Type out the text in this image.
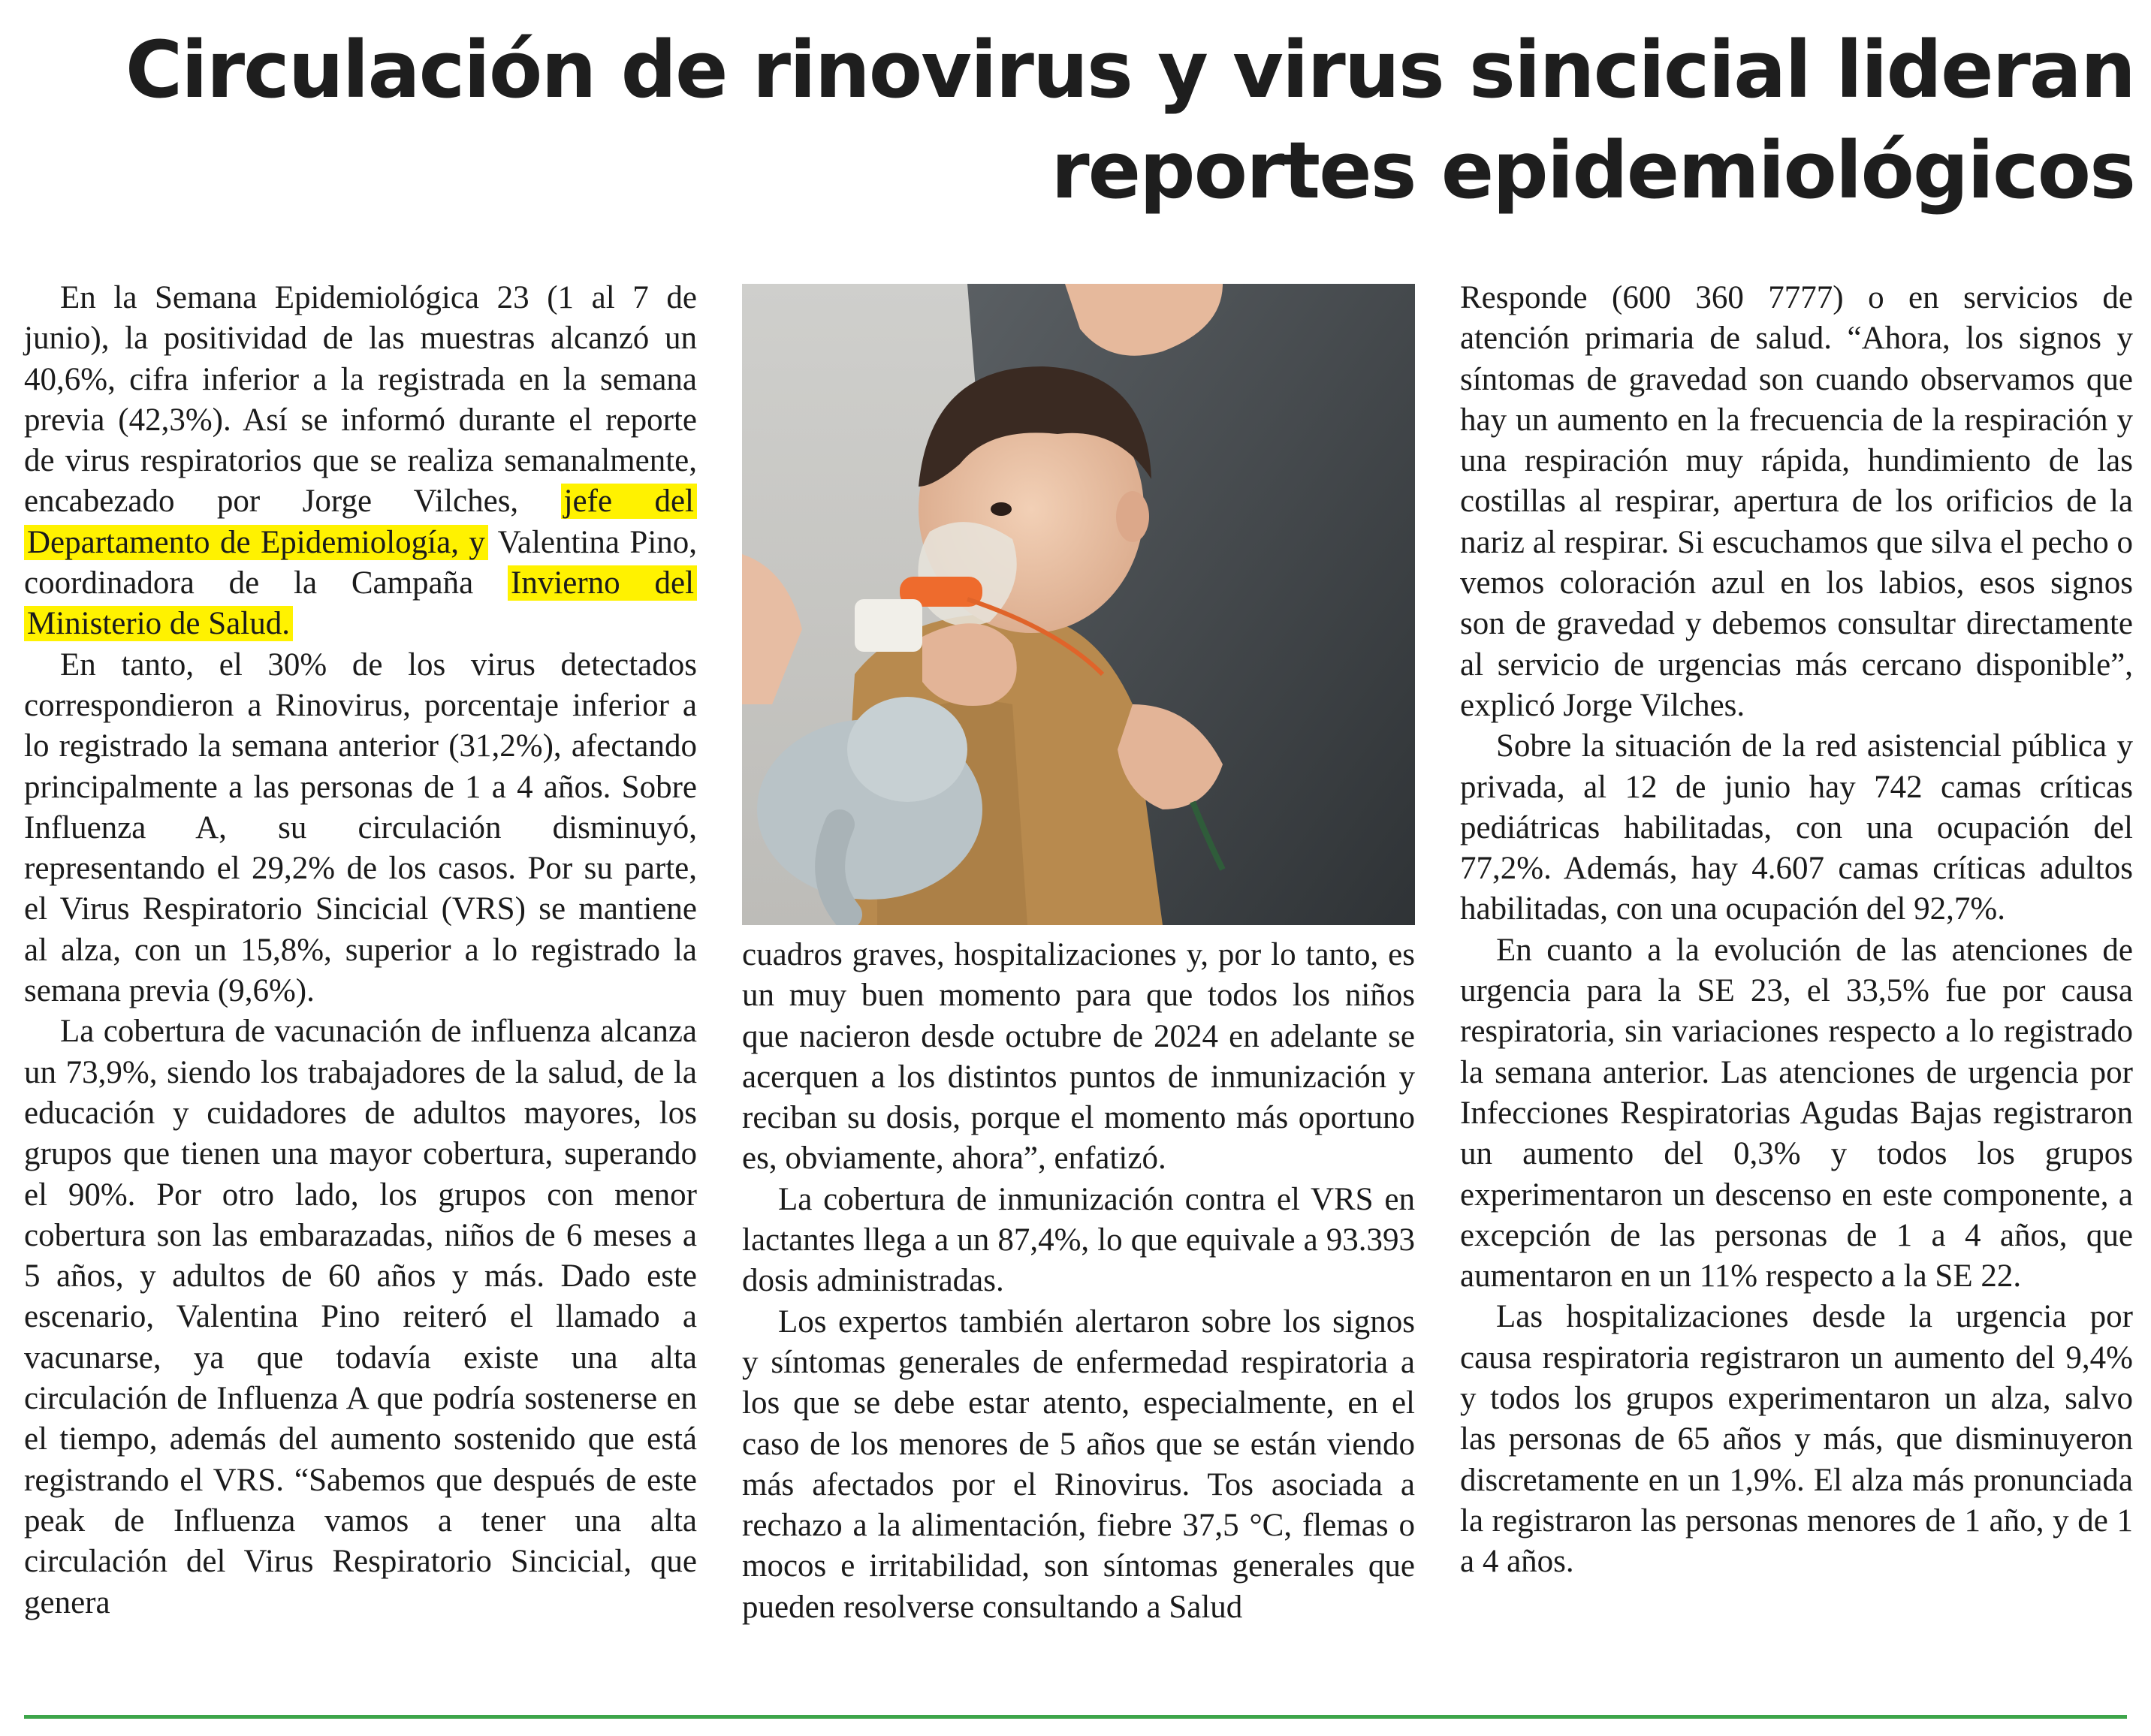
Circulación de rinovirus y virus sincicial lideran reportes epidemiológicos

En la Semana Epidemiológica 23 (1 al 7 de junio), la positividad de las muestras alcanzó un 40,6%, cifra inferior a la registrada en la semana previa (42,3%). Así se informó durante el reporte de virus respiratorios que se realiza semanalmente, encabezado por Jorge Vilches, jefe del Departamento de Epidemiología, y Valentina Pino, coordinadora de la Campaña Invierno del Ministerio de Salud.

En tanto, el 30% de los virus detectados correspondieron a Rinovirus, porcentaje inferior a lo registrado la semana anterior (31,2%), afectando principalmente a las personas de 1 a 4 años. Sobre Influenza A, su circulación disminuyó, representando el 29,2% de los casos. Por su parte, el Virus Respiratorio Sincicial (VRS) se mantiene al alza, con un 15,8%, superior a lo registrado la semana previa (9,6%).

La cobertura de vacunación de influenza alcanza un 73,9%, siendo los trabajadores de la salud, de la educación y cuidadores de adultos mayores, los grupos que tienen una mayor cobertura, superando el 90%. Por otro lado, los grupos con menor cobertura son las embarazadas, niños de 6 meses a 5 años, y adultos de 60 años y más. Dado este escenario, Valentina Pino reiteró el llamado a vacunarse, ya que todavía existe una alta circulación de Influenza A que podría sostenerse en el tiempo, además del aumento sostenido que está registrando el VRS. “Sabemos que después de este peak de Influenza vamos a tener una alta circulación del Virus Respiratorio Sincicial, que genera

cuadros graves, hospitalizaciones y, por lo tanto, es un muy buen momento para que todos los niños que nacieron desde octubre de 2024 en adelante se acerquen a los distintos puntos de inmunización y reciban su dosis, porque el momento más oportuno es, obviamente, ahora”, enfatizó.

La cobertura de inmunización contra el VRS en lactantes llega a un 87,4%, lo que equivale a 93.393 dosis administradas.

Los expertos también alertaron sobre los signos y síntomas generales de enfermedad respiratoria a los que se debe estar atento, especialmente, en el caso de los menores de 5 años que se están viendo más afectados por el Rinovirus. Tos asociada a rechazo a la alimentación, fiebre 37,5 °C, flemas o mocos e irritabilidad, son síntomas generales que pueden resolverse consultando a Salud

Responde (600 360 7777) o en servicios de atención primaria de salud. “Ahora, los signos y síntomas de gravedad son cuando observamos que hay un aumento en la frecuencia de la respiración y una respiración muy rápida, hundimiento de las costillas al respirar, apertura de los orificios de la nariz al respirar. Si escuchamos que silva el pecho o vemos coloración azul en los labios, esos signos son de gravedad y debemos consultar directamente al servicio de urgencias más cercano disponible”, explicó Jorge Vilches.

Sobre la situación de la red asistencial pública y privada, al 12 de junio hay 742 camas críticas pediátricas habilitadas, con una ocupación del 77,2%. Además, hay 4.607 camas críticas adultos habilitadas, con una ocupación del 92,7%.

En cuanto a la evolución de las atenciones de urgencia para la SE 23, el 33,5% fue por causa respiratoria, sin variaciones respecto a lo registrado la semana anterior. Las atenciones de urgencia por Infecciones Respiratorias Agudas Bajas registraron un aumento del 0,3% y todos los grupos experimentaron un descenso en este componente, a excepción de las personas de 1 a 4 años, que aumentaron en un 11% respecto a la SE 22.

Las hospitalizaciones desde la urgencia por causa respiratoria registraron un aumento del 9,4% y todos los grupos experimentaron un alza, salvo las personas de 65 años y más, que disminuyeron discretamente en un 1,9%. El alza más pronunciada la registraron las personas menores de 1 año, y de 1 a 4 años.
